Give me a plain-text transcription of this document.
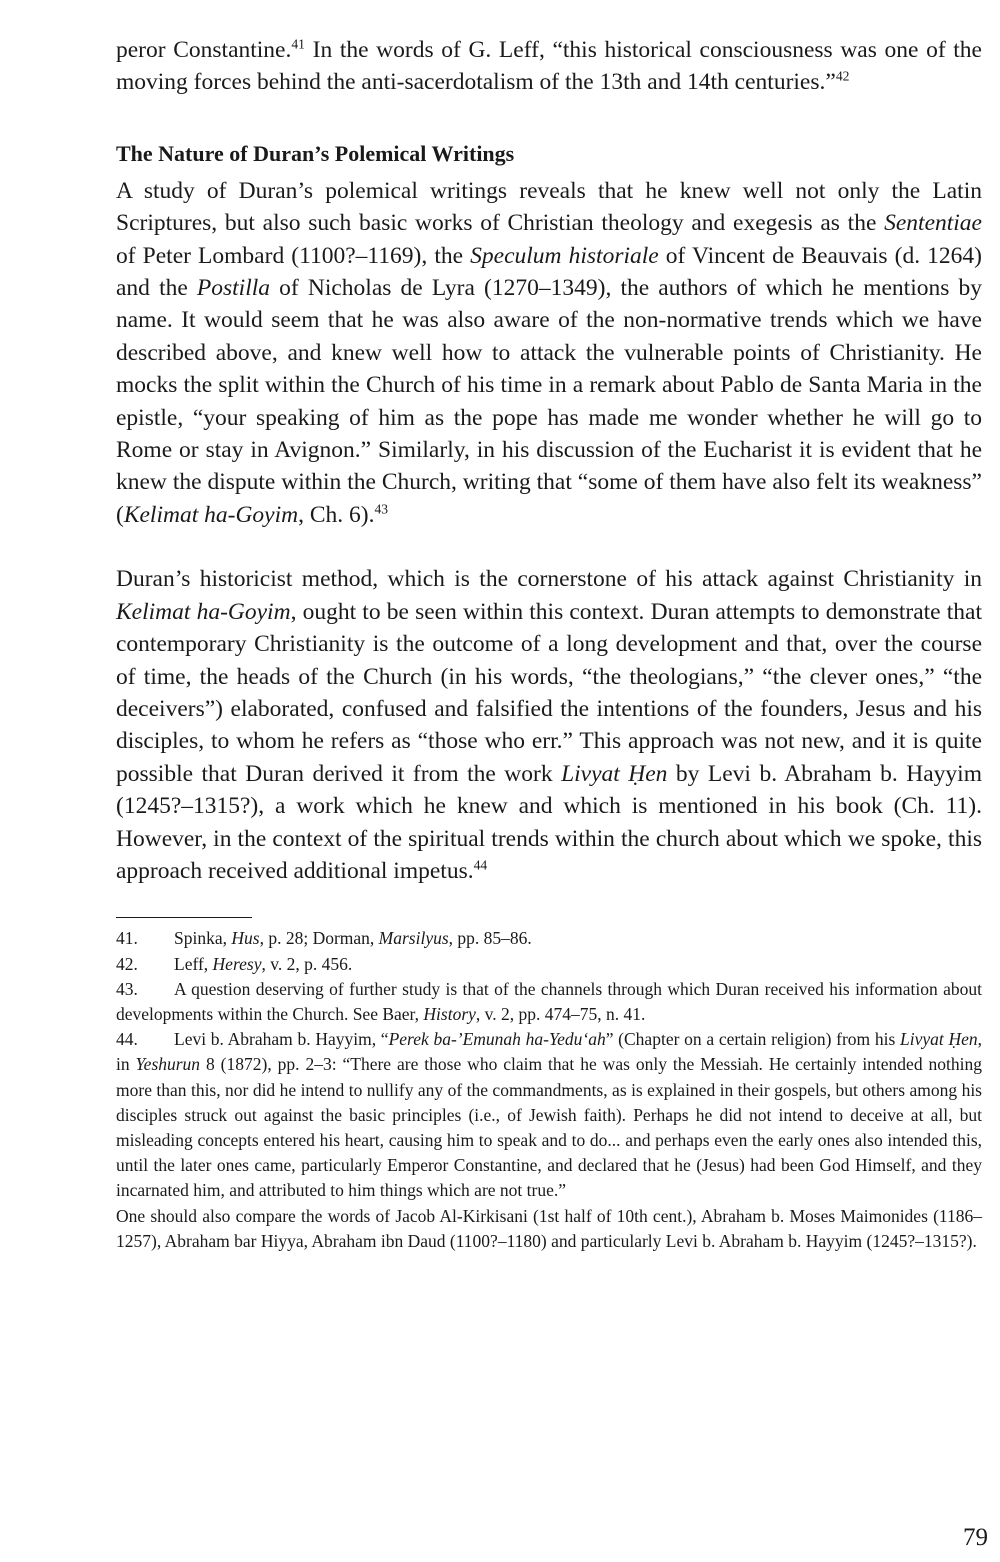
peror Constantine.$^{41}$ In the words of G. Leff, “this historical consciousness was one of the moving forces behind the anti-sacerdotalism of the 13th and 14th centuries.”$^{42}$

The Nature of Duran’s Polemical Writings

A study of Duran’s polemical writings reveals that he knew well not only the Latin Scriptures, but also such basic works of Christian theology and exegesis as the Sententiae of Peter Lombard (1100?–1169), the Speculum historiale of Vincent de Beauvais (d. 1264) and the Postilla of Nicholas de Lyra (1270–1349), the authors of which he mentions by name. It would seem that he was also aware of the non-normative trends which we have described above, and knew well how to attack the vulnerable points of Christianity. He mocks the split within the Church of his time in a remark about Pablo de Santa Maria in the epistle, “your speaking of him as the pope has made me wonder whether he will go to Rome or stay in Avignon.” Similarly, in his discussion of the Eucharist it is evident that he knew the dispute within the Church, writing that “some of them have also felt its weakness” (Kelimat ha-Goyim, Ch. 6).$^{43}$

Duran’s historicist method, which is the cornerstone of his attack against Christianity in Kelimat ha-Goyim, ought to be seen within this context. Duran attempts to demonstrate that contemporary Christianity is the outcome of a long development and that, over the course of time, the heads of the Church (in his words, “the theologians,” “the clever ones,” “the deceivers”) elaborated, confused and falsified the intentions of the founders, Jesus and his disciples, to whom he refers as “those who err.” This approach was not new, and it is quite possible that Duran derived it from the work Livyat Ḥen by Levi b. Abraham b. Hayyim (1245?–1315?), a work which he knew and which is mentioned in his book (Ch. 11). However, in the context of the spiritual trends within the church about which we spoke, this approach received additional impetus.$^{44}$

41. Spinka, Hus, p. 28; Dorman, Marsilyus, pp. 85–86.

42. Leff, Heresy, v. 2, p. 456.

43. A question deserving of further study is that of the channels through which Duran received his information about developments within the Church. See Baer, History, v. 2, pp. 474–75, n. 41.

44. Levi b. Abraham b. Hayyim, “Perek ba-’Emunah ha-Yedu‘ah” (Chapter on a certain religion) from his Livyat Ḥen, in Yeshurun 8 (1872), pp. 2–3: “There are those who claim that he was only the Messiah. He certainly intended nothing more than this, nor did he intend to nullify any of the commandments, as is explained in their gospels, but others among his disciples struck out against the basic principles (i.e., of Jewish faith). Perhaps he did not intend to deceive at all, but misleading concepts entered his heart, causing him to speak and to do... and perhaps even the early ones also intended this, until the later ones came, particularly Emperor Constantine, and declared that he (Jesus) had been God Himself, and they incarnated him, and attributed to him things which are not true.”

One should also compare the words of Jacob Al-Kirkisani (1st half of 10th cent.), Abraham b. Moses Maimonides (1186–1257), Abraham bar Hiyya, Abraham ibn Daud (1100?–1180) and particularly Levi b. Abraham b. Hayyim (1245?–1315?).

79
